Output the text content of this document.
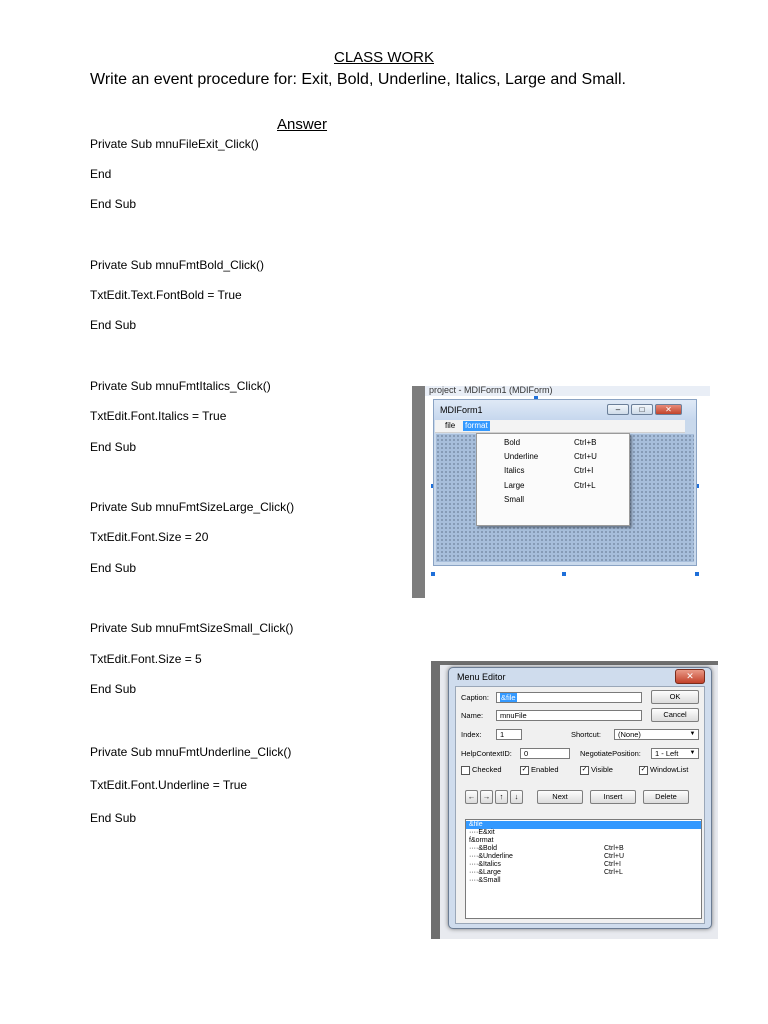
CLASS WORK
Write an event procedure for: Exit, Bold, Underline, Italics, Large and Small.
Answer
Private Sub mnuFileExit_Click()
End
End Sub
Private Sub mnuFmtBold_Click()
TxtEdit.Text.FontBold = True
End Sub
Private Sub mnuFmtItalics_Click()
TxtEdit.Font.Italics = True
End Sub
Private Sub mnuFmtSizeLarge_Click()
TxtEdit.Font.Size = 20
End Sub
Private Sub mnuFmtSizeSmall_Click()
TxtEdit.Font.Size = 5
End Sub
Private Sub mnuFmtUnderline_Click()
TxtEdit.Font.Underline = True
End Sub
project - MDIForm1 (MDIForm)
MDIForm1	–	□	✕
file format
Bold	Ctrl+B
Underline	Ctrl+U
Italics	Ctrl+I
Large	Ctrl+L
Small
Menu Editor	✕
Caption:	&file	OK
Name:	mnuFile	Cancel
Index:	1	Shortcut:	(None)	▼
HelpContextID:	0	NegotiatePosition:	1 - Left ▼
Checked	✓ Enabled	✓ Visible	✓ WindowList
←	→	↑	↓	Next	Insert	Delete
&file
····E&xit
f&ormat
····&Bold	Ctrl+B
····&Underline	Ctrl+U
····&Italics	Ctrl+I
····&Large	Ctrl+L
····&Small
